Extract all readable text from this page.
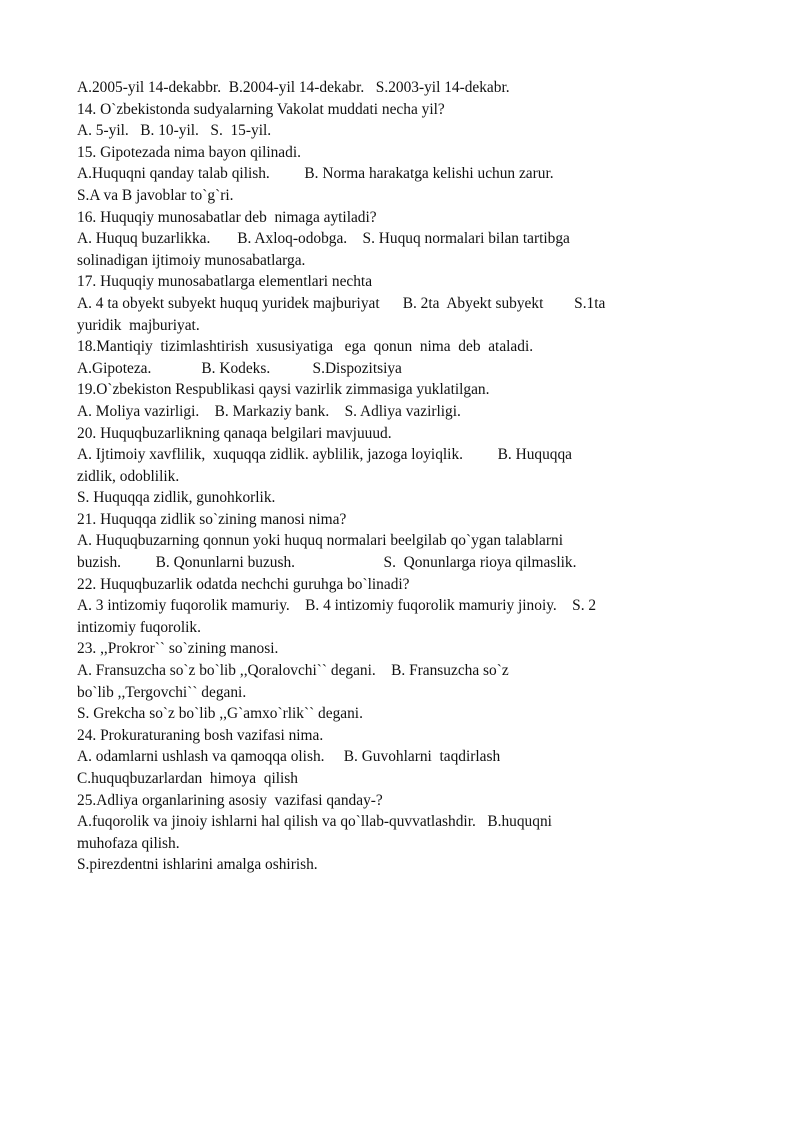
A.2005-yil 14-dekabbr.  B.2004-yil 14-dekabr.   S.2003-yil 14-dekabr.

14. O`zbekistonda sudyalarning Vakolat muddati necha yil?

A. 5-yil.   B. 10-yil.   S.  15-yil.

15. Gipotezada nima bayon qilinadi.

A.Huquqni qanday talab qilish.         B. Norma harakatga kelishi uchun zarur.

S.A va B javoblar to`g`ri.

16. Huquqiy munosabatlar deb  nimaga aytiladi?

A. Huquq buzarlikka.       B. Axloq-odobga.    S. Huquq normalari bilan tartibga

solinadigan ijtimoiy munosabatlarga.

17. Huquqiy munosabatlarga elementlari nechta

A. 4 ta obyekt subyekt huquq yuridek majburiyat      B. 2ta  Abyekt subyekt        S.1ta

yuridik  majburiyat.

18.Mantiqiy  tizimlashtirish  xususiyatiga   ega  qonun  nima  deb  ataladi.

A.Gipoteza.             B. Kodeks.           S.Dispozitsiya

19.O`zbekiston Respublikasi qaysi vazirlik zimmasiga yuklatilgan.

A. Moliya vazirligi.    B. Markaziy bank.    S. Adliya vazirligi.

20. Huquqbuzarlikning qanaqa belgilari mavjuuud.

A. Ijtimoiy xavflilik,  xuquqqa zidlik. ayblilik, jazoga loyiqlik.         B. Huquqqa

zidlik, odoblilik.

S. Huquqqa zidlik, gunohkorlik.

21. Huquqqa zidlik so`zining manosi nima?

A. Huquqbuzarning qonnun yoki huquq normalari beelgilab qo`ygan talablarni

buzish.         B. Qonunlarni buzush.                       S.  Qonunlarga rioya qilmaslik.

22. Huquqbuzarlik odatda nechchi guruhga bo`linadi?

A. 3 intizomiy fuqorolik mamuriy.    B. 4 intizomiy fuqorolik mamuriy jinoiy.    S. 2

intizomiy fuqorolik.

23. ,,Prokror`` so`zining manosi.

A. Fransuzcha so`z bo`lib ,,Qoralovchi`` degani.    B. Fransuzcha so`z

bo`lib ,,Tergovchi`` degani.

S. Grekcha so`z bo`lib ,,G`amxo`rlik`` degani.

24. Prokuraturaning bosh vazifasi nima.

A. odamlarni ushlash va qamoqqa olish.     B. Guvohlarni  taqdirlash

C.huquqbuzarlardan  himoya  qilish

25.Adliya organlarining asosiy  vazifasi qanday-?

A.fuqorolik va jinoiy ishlarni hal qilish va qo`llab-quvvatlashdir.   B.huquqni

muhofaza qilish.

S.pirezdentni ishlarini amalga oshirish.
